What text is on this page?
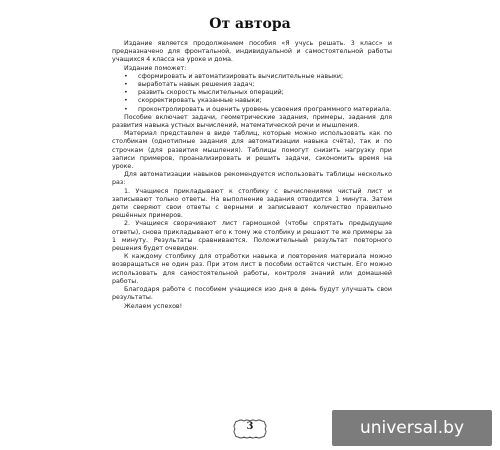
От автора

Издание является продолжением пособия «Я учусь решать. 3 класс» и предназначено для фронтальной, индивидуальной и самостоятельной работы учащихся 4 класса на уроке и дома.

Издание поможет:

• сформировать и автоматизировать вычислительные навыки;
• выработать навык решения задач;
• развить скорость мыслительных операций;
• скорректировать указанные навыки;
• проконтролировать и оценить уровень усвоения программного материала.

Пособие включает задачи, геометрические задания, примеры, задания для развития навыка устных вычислений, математической речи и мышления.

Материал представлен в виде таблиц, которые можно использовать как по столбикам (однотипные задания для автоматизации навыка счёта), так и по строчкам (для развития мышления). Таблицы помогут снизить нагрузку при записи примеров, проанализировать и решить задачи, сэкономить время на уроке.

Для автоматизации навыков рекомендуется использовать таблицы несколько раз:

1. Учащиеся прикладывают к столбику с вычислениями чистый лист и записывают только ответы. На выполнение задания отводится 1 минута. Затем дети сверяют свои ответы с верными и записывают количество правильно решённых примеров.

2. Учащиеся сворачивают лист гармошкой (чтобы спрятать предыдущие ответы), снова прикладывают его к тому же столбику и решают те же примеры за 1 минуту. Результаты сравниваются. Положительный результат повторного решения будет очевиден.

К каждому столбику для отработки навыка и повторения материала можно возвращаться не один раз. При этом лист в пособии остаётся чистым. Его можно использовать для самостоятельной работы, контроля знаний или домашней работы.

Благодаря работе с пособием учащиеся изо дня в день будут улучшать свои результаты.

Желаем успехов!

3	universal.by
